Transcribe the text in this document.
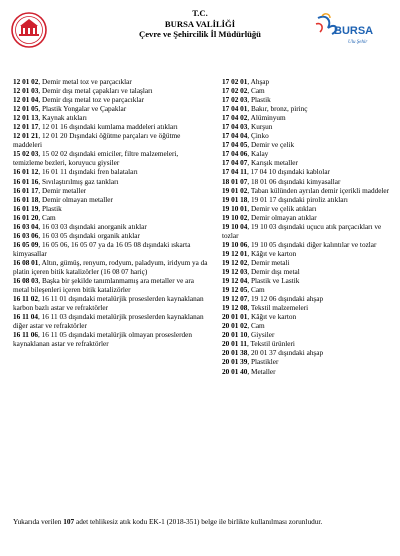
T.C.
BURSA VALİLİĞİ
Çevre ve Şehircilik İl Müdürlüğü	BURSA
Ulu Şehir

12 01 02, Demir metal toz ve parçacıklar

12 01 03, Demir dışı metal çapakları ve talaşları

12 01 04, Demir dışı metal toz ve parçacıklar

12 01 05, Plastik Yongalar ve Çapaklar

12 01 13, Kaynak atıkları

12 01 17, 12 01 16 dışındaki kumlama maddeleri atıkları

12 01 21, 12 01 20 Dışındaki öğütme parçaları ve öğütme maddeleri

15 02 03, 15 02 02 dışındaki emiciler, filtre malzemeleri, temizleme bezleri, koruyucu giysiler

16 01 12, 16 01 11 dışındaki fren balataları

16 01 16, Sıvılaştırılmış gaz tankları

16 01 17, Demir metaller

16 01 18, Demir olmayan metaller

16 01 19, Plastik

16 01 20, Cam

16 03 04, 16 03 03 dışındaki anorganik atıklar

16 03 06, 16 03 05 dışındaki organik atıklar

16 05 09, 16 05 06, 16 05 07 ya da 16 05 08 dışındaki ıskarta kimyasallar

16 08 01, Altın, gümüş, renyum, rodyum, paladyum, iridyum ya da platin içeren bitik katalizörler (16 08 07 hariç)

16 08 03, Başka bir şekilde tanımlanmamış ara metaller ve ara metal bileşenleri içeren bitik katalizörler

16 11 02, 16 11 01 dışındaki metalürjik proseslerden kaynaklanan karbon bazlı astar ve refraktörler

16 11 04, 16 11 03 dışındaki metalürjik proseslerden kaynaklanan diğer astar ve refraktörler

16 11 06, 16 11 05 dışındaki metalürjik olmayan proseslerden kaynaklanan astar ve refraktörler

17 02 01, Ahşap

17 02 02, Cam

17 02 03, Plastik

17 04 01, Bakır, bronz, pirinç

17 04 02, Alüminyum

17 04 03, Kurşun

17 04 04, Çinko

17 04 05, Demir ve çelik

17 04 06, Kalay

17 04 07, Karışık metaller

17 04 11, 17 04 10 dışındaki kablolar

18 01 07, 18 01 06 dışındaki kimyasallar

19 01 02, Taban külünden ayrılan demir içerikli maddeler

19 01 18, 19 01 17 dışındaki piroliz atıkları

19 10 01, Demir ve çelik atıkları

19 10 02, Demir olmayan atıklar

19 10 04, 19 10 03 dışındaki uçucu atık parçacıkları ve tozlar

19 10 06, 19 10 05 dışındaki diğer kalıntılar ve tozlar

19 12 01, Kâğıt ve karton

19 12 02, Demir metali

19 12 03, Demir dışı metal

19 12 04, Plastik ve Lastik

19 12 05, Cam

19 12 07, 19 12 06 dışındaki ahşap

19 12 08, Tekstil malzemeleri

20 01 01, Kâğıt ve karton

20 01 02, Cam

20 01 10, Giysiler

20 01 11, Tekstil ürünleri

20 01 38, 20 01 37 dışındaki ahşap

20 01 39, Plastikler

20 01 40, Metaller

Yukarıda verilen 107 adet tehlikesiz atık kodu EK-1 (2018-351) belge ile birlikte kullanılması zorunludur.
